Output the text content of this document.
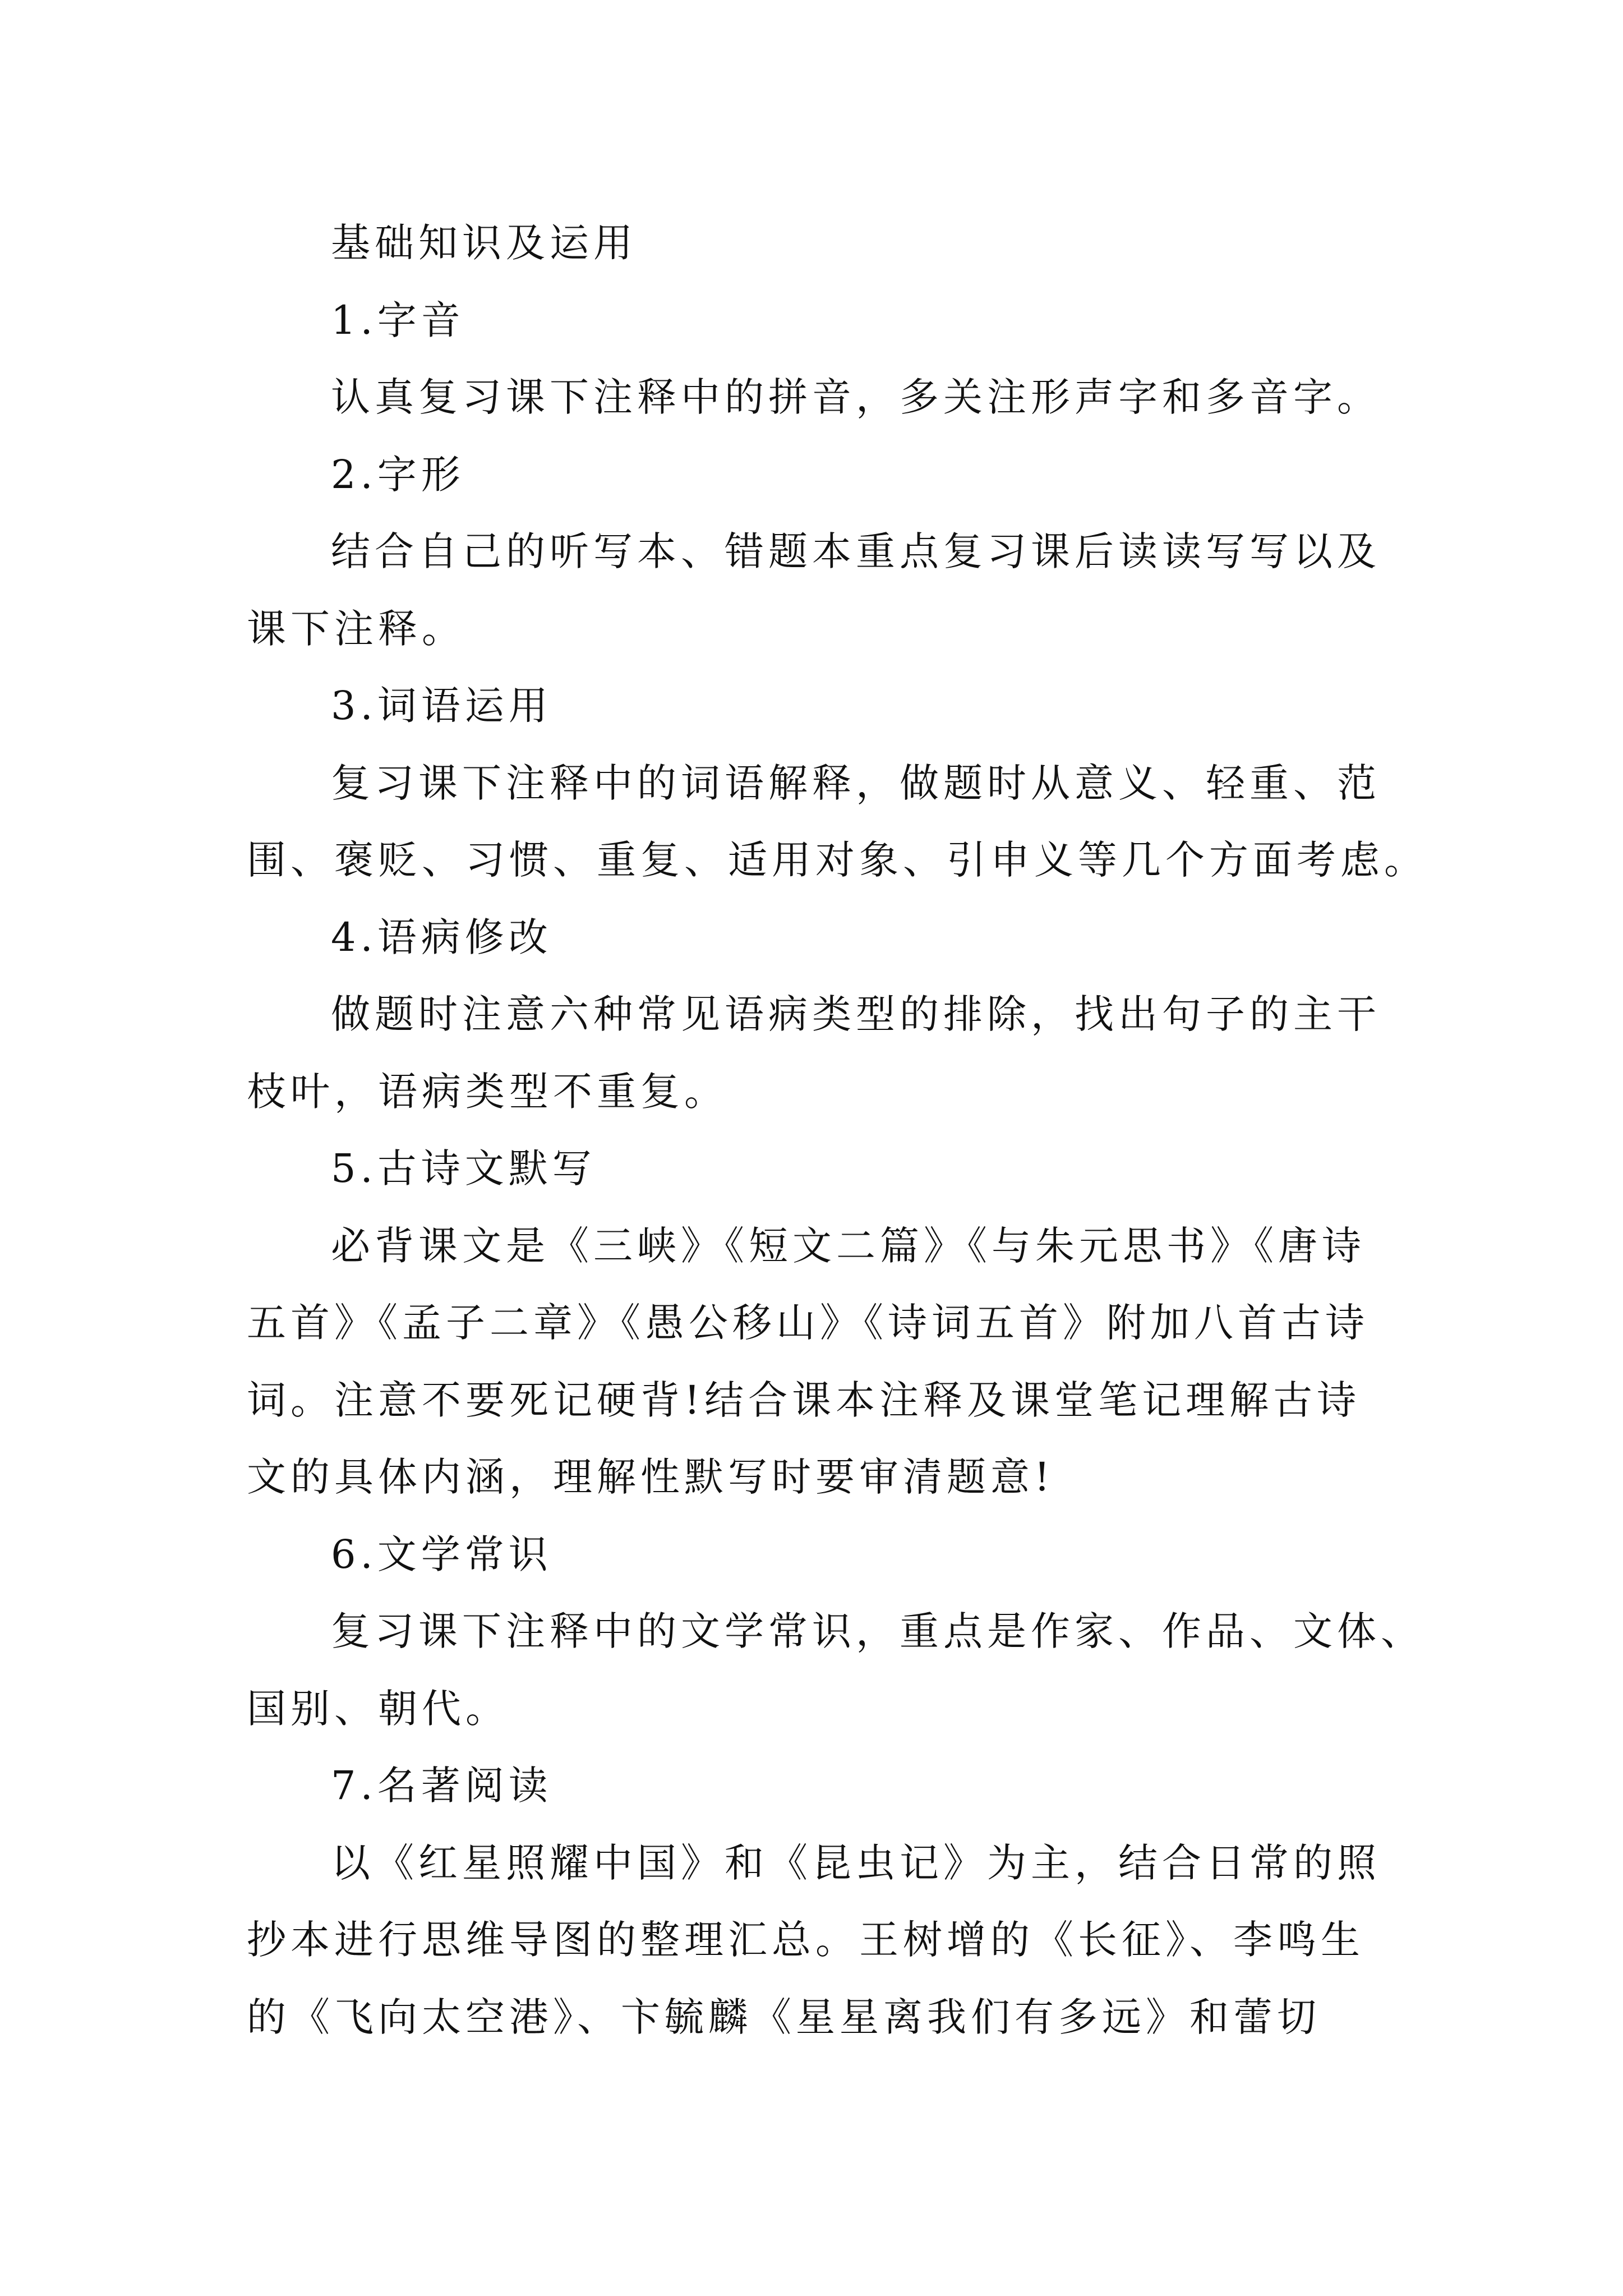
基础知识及运用
1.字音
认真复习课下注释中的拼音，多关注形声字和多音字。
2.字形
结合自己的听写本、错题本重点复习课后读读写写以及
课下注释。
3.词语运用
复习课下注释中的词语解释，做题时从意义、轻重、范
围、褒贬、习惯、重复、适用对象、引申义等几个方面考虑。
4.语病修改
做题时注意六种常见语病类型的排除，找出句子的主干
枝叶，语病类型不重复。
5.古诗文默写
必背课文是《三峡》《短文二篇》《与朱元思书》《唐诗
五首》《孟子二章》《愚公移山》《诗词五首》附加八首古诗
词。注意不要死记硬背!结合课本注释及课堂笔记理解古诗
文的具体内涵，理解性默写时要审清题意!
6.文学常识
复习课下注释中的文学常识，重点是作家、作品、文体、
国别、朝代。
7.名著阅读
以《红星照耀中国》和《昆虫记》为主，结合日常的照
抄本进行思维导图的整理汇总。王树增的《长征》、李鸣生
的《飞向太空港》、卞毓麟《星星离我们有多远》和蕾切
